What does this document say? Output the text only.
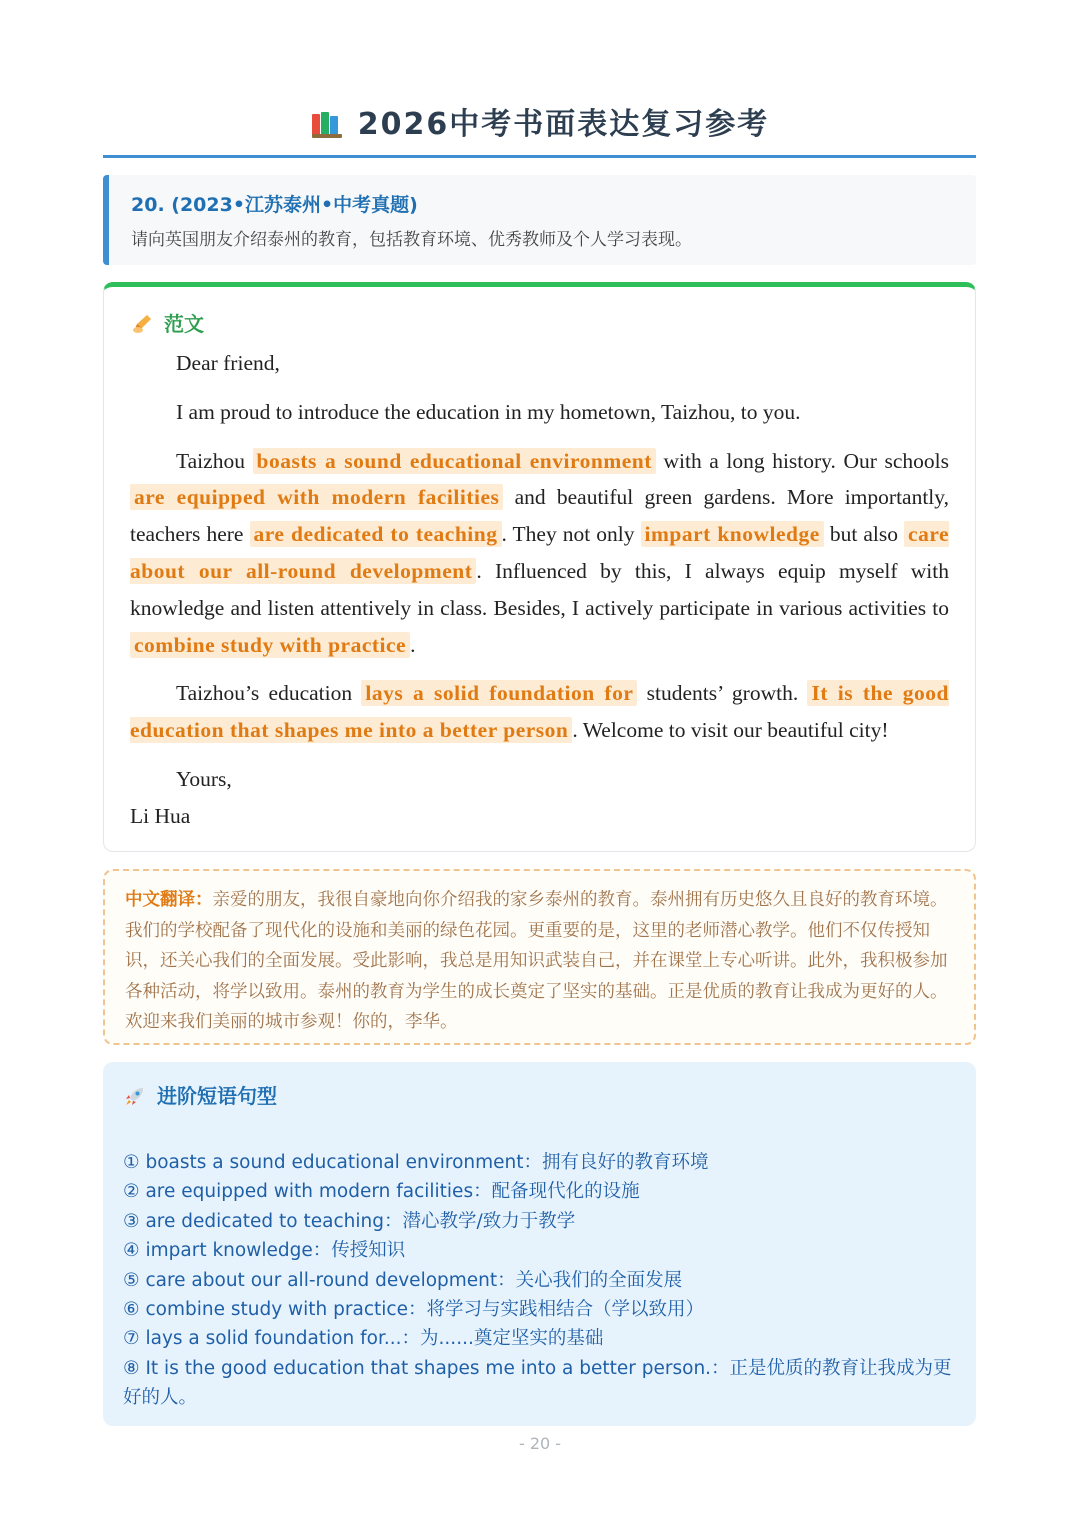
2026中考书面表达复习参考
20. (2023•江苏泰州•中考真题)
请向英国朋友介绍泰州的教育，包括教育环境、优秀教师及个人学习表现。
范文

Dear friend,

I am proud to introduce the education in my hometown, Taizhou, to you.

Taizhou boasts a sound educational environment with a long history. Our schools are equipped with modern facilities and beautiful green gardens. More importantly, teachers here are dedicated to teaching . They not only impart knowledge but also care about our all-round development . Influenced by this, I always equip myself with knowledge and listen attentively in class. Besides, I actively participate in various activities to combine study with practice .

Taizhou’s education lays a solid foundation for students’ growth. It is the good education that shapes me into a better person . Welcome to visit our beautiful city!

Yours,

Li Hua

中文翻译：亲爱的朋友，我很自豪地向你介绍我的家乡泰州的教育。泰州拥有历史悠久且良好的教育环境。我们的学校配备了现代化的设施和美丽的绿色花园。更重要的是，这里的老师潜心教学。他们不仅传授知识，还关心我们的全面发展。受此影响，我总是用知识武装自己，并在课堂上专心听讲。此外，我积极参加各种活动，将学以致用。泰州的教育为学生的成长奠定了坚实的基础。正是优质的教育让我成为更好的人。欢迎来我们美丽的城市参观！你的，李华。
进阶短语句型
① boasts a sound educational environment：拥有良好的教育环境
② are equipped with modern facilities：配备现代化的设施
③ are dedicated to teaching：潜心教学/致力于教学
④ impart knowledge：传授知识
⑤ care about our all-round development：关心我们的全面发展
⑥ combine study with practice：将学习与实践相结合（学以致用）
⑦ lays a solid foundation for...：为......奠定坚实的基础
⑧ It is the good education that shapes me into a better person.：正是优质的教育让我成为更好的人。
- 20 -
